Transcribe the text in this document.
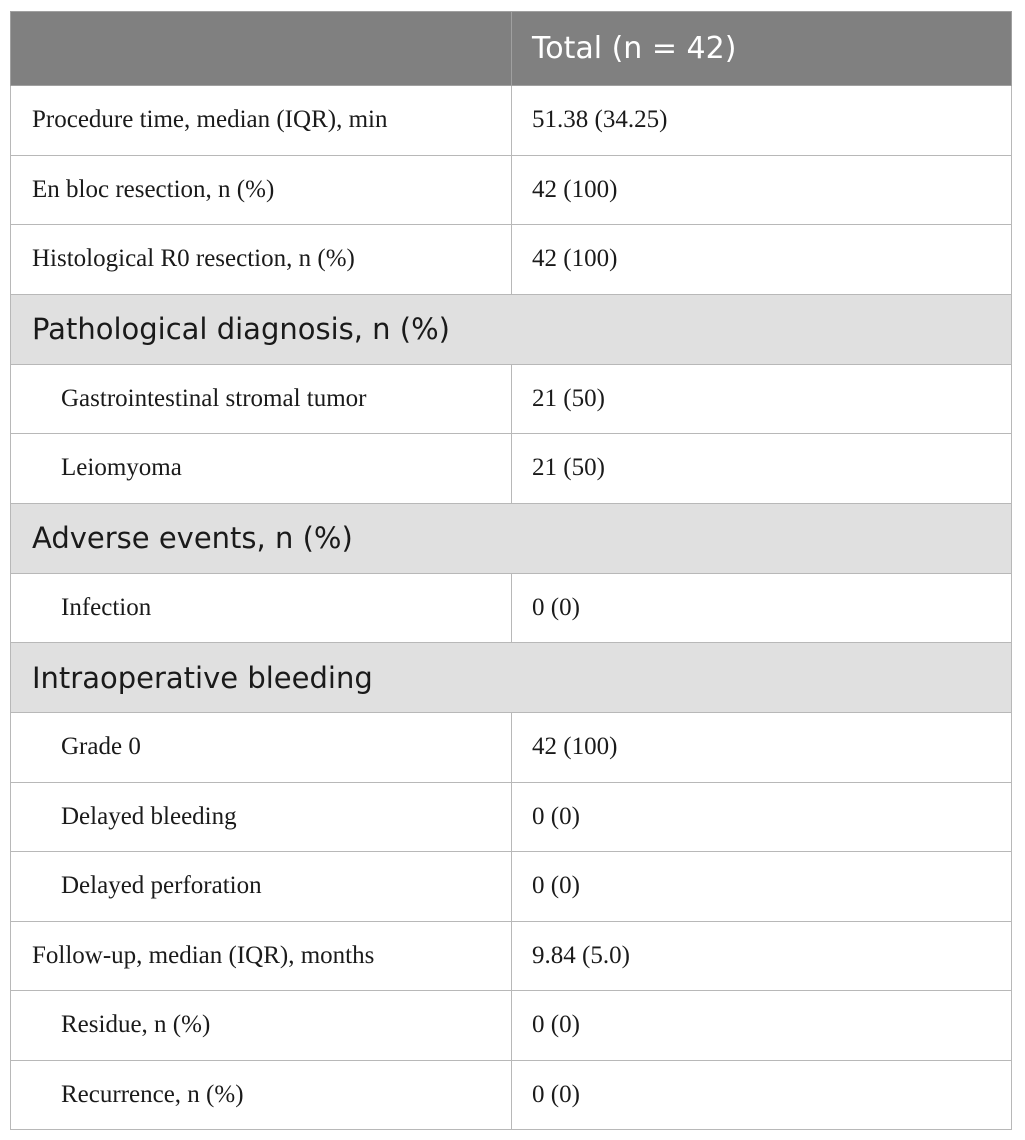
	Total (n = 42)
Procedure time, median (IQR), min	51.38 (34.25)
En bloc resection, n (%)	42 (100)
Histological R0 resection, n (%)	42 (100)
Pathological diagnosis, n (%)	
Gastrointestinal stromal tumor	21 (50)
Leiomyoma	21 (50)
Adverse events, n (%)	
Infection	0 (0)
Intraoperative bleeding	
Grade 0	42 (100)
Delayed bleeding	0 (0)
Delayed perforation	0 (0)
Follow-up, median (IQR), months	9.84 (5.0)
Residue, n (%)	0 (0)
Recurrence, n (%)	0 (0)
